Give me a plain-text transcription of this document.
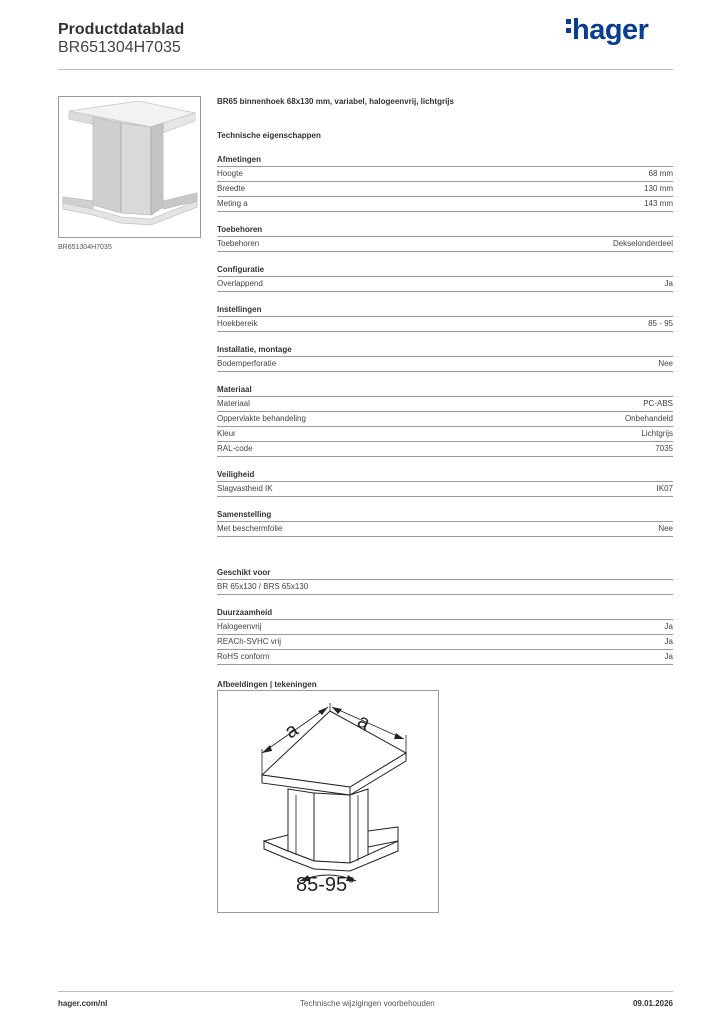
Productdatablad
BR651304H7035
hager
BR651304H7035
BR65 binnenhoek 68x130 mm, variabel, halogeenvrij, lichtgrijs
Technische eigenschappen
Afmetingen
Hoogte	68 mm
Breedte	130 mm
Meting a	143 mm
Toebehoren
Toebehoren	Dekselonderdeel
Configuratie
Overlappend	Ja
Instellingen
Hoekbereik	85 - 95
Installatie, montage
Bodemperforatie	Nee
Materiaal
Materiaal	PC-ABS
Oppervlakte behandeling	Onbehandeld
Kleur	Lichtgrijs
RAL-code	7035
Veiligheid
Slagvastheid IK	IK07
Samenstelling
Met beschermfolie	Nee
Geschikt voor
BR 65x130 / BRS 65x130
Duurzaamheid
Halogeenvrij	Ja
REACh-SVHC vrij	Ja
RoHS conform	Ja
Afbeeldingen | tekeningen
a	a
85-95°
hager.com/nl	Technische wijzigingen voorbehouden	09.01.2026
